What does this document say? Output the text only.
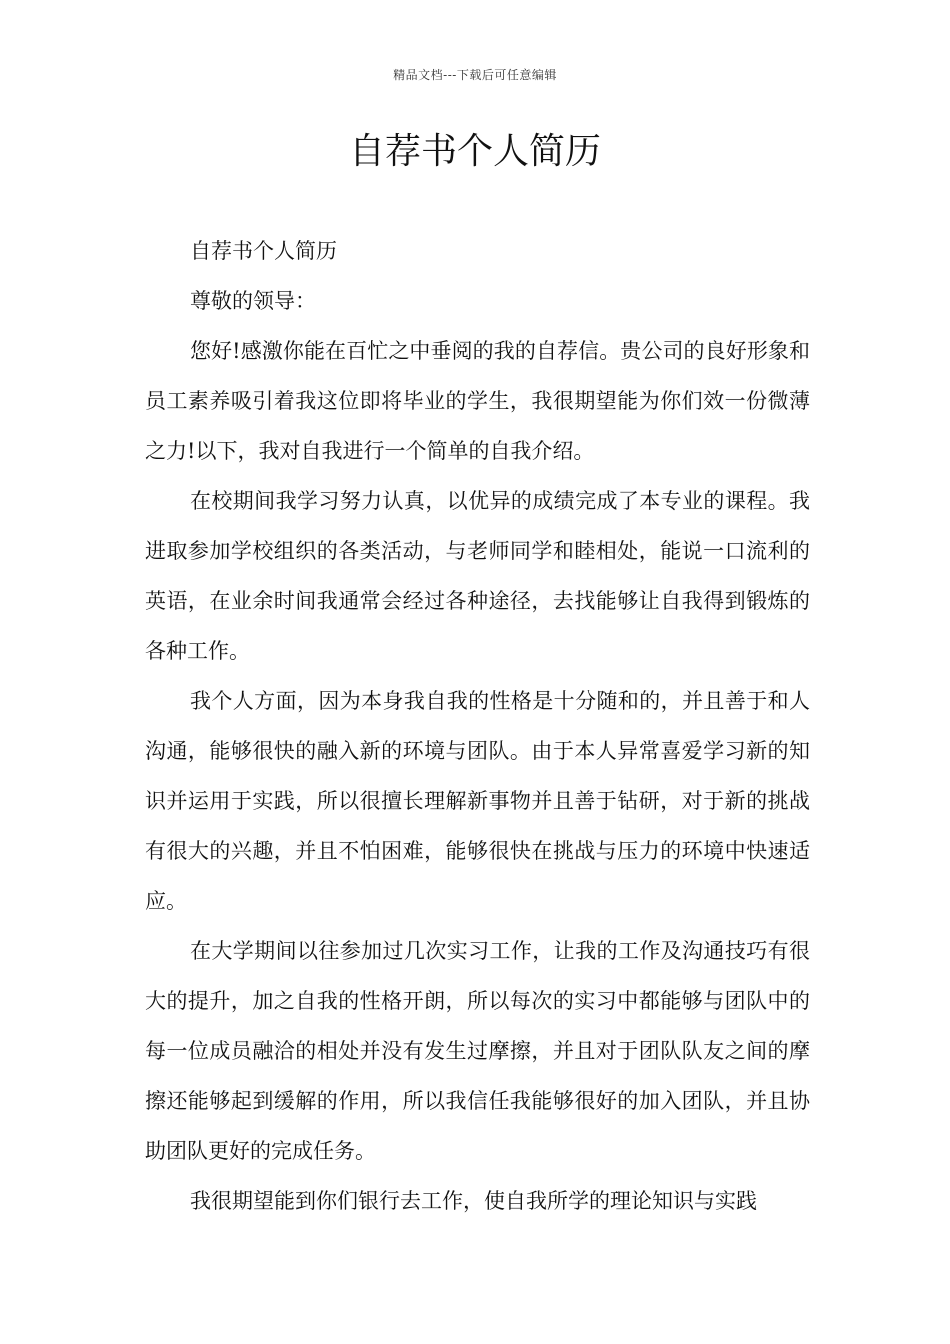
精品文档---下载后可任意编辑
自荐书个人简历

自荐书个人简历

尊敬的领导：

您好!感激你能在百忙之中垂阅的我的自荐信。贵公司的良好形象和员工素养吸引着我这位即将毕业的学生，我很期望能为你们效一份微薄之力!以下，我对自我进行一个简单的自我介绍。

在校期间我学习努力认真，以优异的成绩完成了本专业的课程。我进取参加学校组织的各类活动，与老师同学和睦相处，能说一口流利的英语，在业余时间我通常会经过各种途径，去找能够让自我得到锻炼的各种工作。

我个人方面，因为本身我自我的性格是十分随和的，并且善于和人沟通，能够很快的融入新的环境与团队。由于本人异常喜爱学习新的知识并运用于实践，所以很擅长理解新事物并且善于钻研，对于新的挑战有很大的兴趣，并且不怕困难，能够很快在挑战与压力的环境中快速适应。

在大学期间以往参加过几次实习工作，让我的工作及沟通技巧有很大的提升，加之自我的性格开朗，所以每次的实习中都能够与团队中的每一位成员融洽的相处并没有发生过摩擦，并且对于团队队友之间的摩擦还能够起到缓解的作用，所以我信任我能够很好的加入团队，并且协助团队更好的完成任务。

我很期望能到你们银行去工作，使自我所学的理论知识与实践
